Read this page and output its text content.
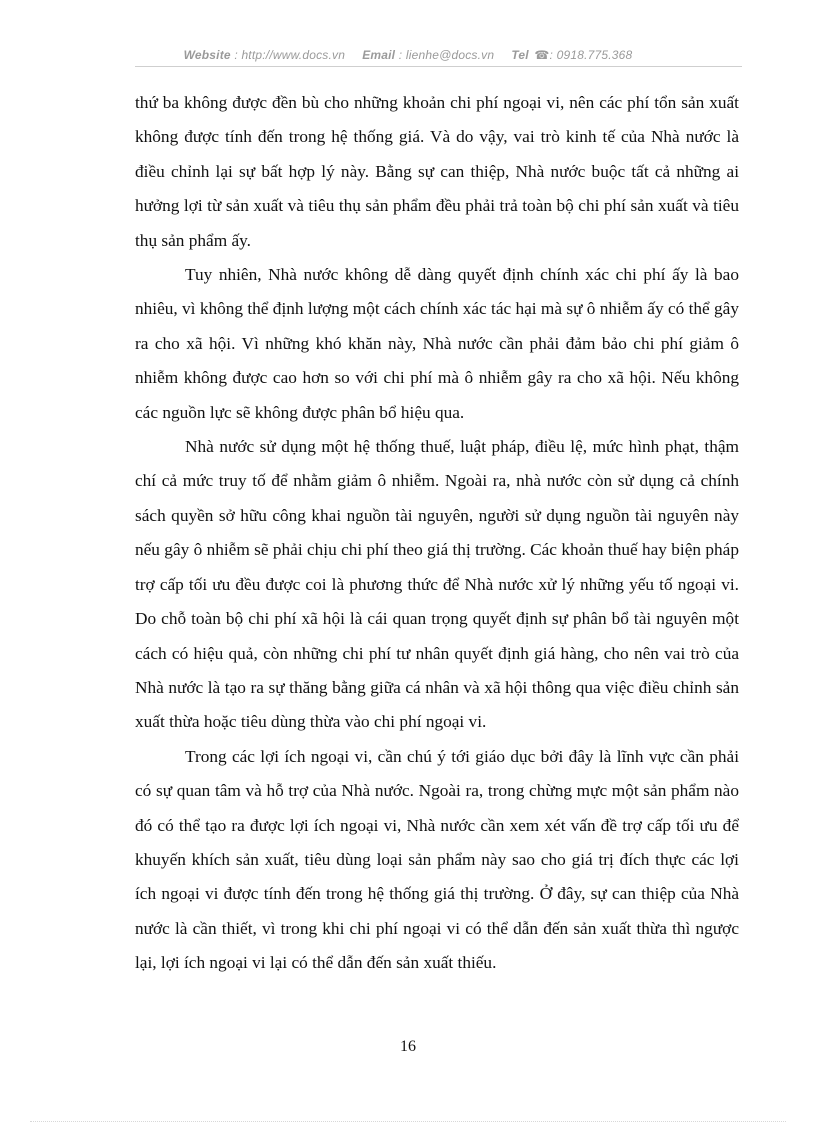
Website : http://www.docs.vn Email : lienhe@docs.vn Tel ☎: 0918.775.368

thứ ba không được đền bù cho những khoản chi phí ngoại vi, nên các phí tổn sản xuất không được tính đến trong hệ thống giá. Và do vậy, vai trò kinh tế của Nhà nước là điều chỉnh lại sự bất hợp lý này. Bằng sự can thiệp, Nhà nước buộc tất cả những ai hưởng lợi từ sản xuất và tiêu thụ sản phẩm đều phải trả toàn bộ chi phí sản xuất và tiêu thụ sản phẩm ấy.

Tuy nhiên, Nhà nước không dễ dàng quyết định chính xác chi phí ấy là bao nhiêu, vì không thể định lượng một cách chính xác tác hại mà sự ô nhiễm ấy có thể gây ra cho xã hội. Vì những khó khăn này, Nhà nước cần phải đảm bảo chi phí giảm ô nhiễm không được cao hơn so với chi phí mà ô nhiễm gây ra cho xã hội. Nếu không các nguồn lực sẽ không được phân bổ hiệu qua.

Nhà nước sử dụng một hệ thống thuế, luật pháp, điều lệ, mức hình phạt, thậm chí cả mức truy tố để nhằm giảm ô nhiễm. Ngoài ra, nhà nước còn sử dụng cả chính sách quyền sở hữu công khai nguồn tài nguyên, người sử dụng nguồn tài nguyên này nếu gây ô nhiễm sẽ phải chịu chi phí theo giá thị trường. Các khoản thuế hay biện pháp trợ cấp tối ưu đều được coi là phương thức để Nhà nước xử lý những yếu tố ngoại vi. Do chỗ toàn bộ chi phí xã hội là cái quan trọng quyết định sự phân bổ tài nguyên một cách có hiệu quả, còn những chi phí tư nhân quyết định giá hàng, cho nên vai trò của Nhà nước là tạo ra sự thăng bằng giữa cá nhân và xã hội thông qua việc điều chỉnh sản xuất thừa hoặc tiêu dùng thừa vào chi phí ngoại vi.

Trong các lợi ích ngoại vi, cần chú ý tới giáo dục bởi đây là lĩnh vực cần phải có sự quan tâm và hỗ trợ của Nhà nước. Ngoài ra, trong chừng mực một sản phẩm nào đó có thể tạo ra được lợi ích ngoại vi, Nhà nước cần xem xét vấn đề trợ cấp tối ưu để khuyến khích sản xuất, tiêu dùng loại sản phẩm này sao cho giá trị đích thực các lợi ích ngoại vi được tính đến trong hệ thống giá thị trường. Ở đây, sự can thiệp của Nhà nước là cần thiết, vì trong khi chi phí ngoại vi có thể dẫn đến sản xuất thừa thì ngược lại, lợi ích ngoại vi lại có thể dẫn đến sản xuất thiếu.

16
